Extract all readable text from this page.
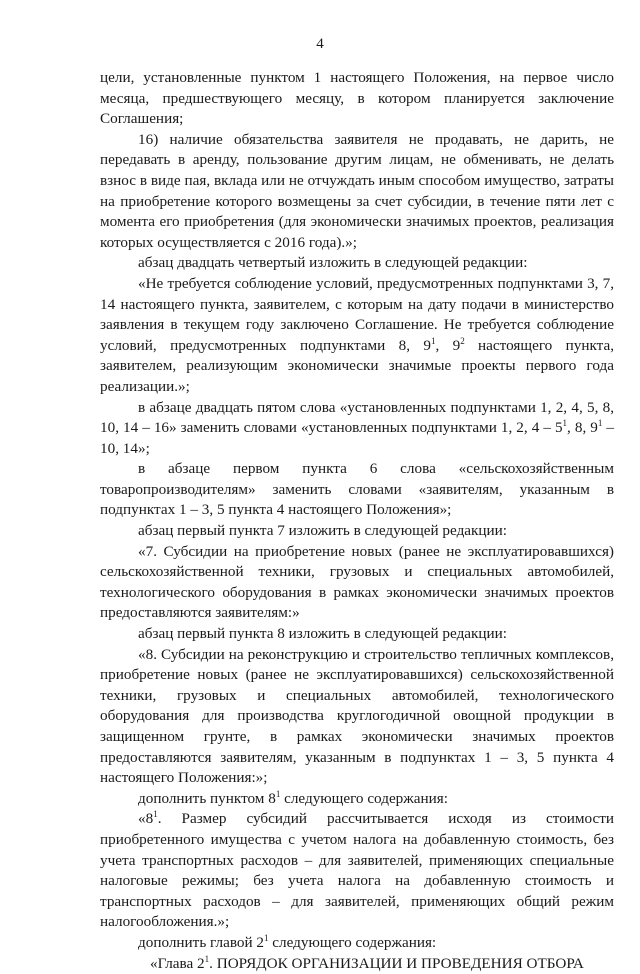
4

цели, установленные пунктом 1 настоящего Положения, на первое число месяца, предшествующего месяцу, в котором планируется заключение Соглашения;

16) наличие обязательства заявителя не продавать, не дарить, не передавать в аренду, пользование другим лицам, не обменивать, не делать взнос в виде пая, вклада или не отчуждать иным способом имущество, затраты на приобретение которого возмещены за счет субсидии, в течение пяти лет с момента его приобретения (для экономически значимых проектов, реализация которых осуществляется с 2016 года).»;

абзац двадцать четвертый изложить в следующей редакции:

«Не требуется соблюдение условий, предусмотренных подпунктами 3, 7, 14 настоящего пункта, заявителем, с которым на дату подачи в министерство заявления в текущем году заключено Соглашение. Не требуется соблюдение условий, предусмотренных подпунктами 8, $9^1$, $9^2$ настоящего пункта, заявителем, реализующим экономически значимые проекты первого года реализации.»;

в абзаце двадцать пятом слова «установленных подпунктами 1, 2, 4, 5, 8, 10, 14 – 16» заменить словами «установленных подпунктами 1, 2, $4 - 5^1$, 8, $9^1 - 10$, 14»;

в абзаце первом пункта 6 слова «сельскохозяйственным товаропроизводителям» заменить словами «заявителям, указанным в подпунктах 1 – 3, 5 пункта 4 настоящего Положения»;

абзац первый пункта 7 изложить в следующей редакции:

«7. Субсидии на приобретение новых (ранее не эксплуатировавшихся) сельскохозяйственной техники, грузовых и специальных автомобилей, технологического оборудования в рамках экономически значимых проектов предоставляются заявителям:»

абзац первый пункта 8 изложить в следующей редакции:

«8. Субсидии на реконструкцию и строительство тепличных комплексов, приобретение новых (ранее не эксплуатировавшихся) сельскохозяйственной техники, грузовых и специальных автомобилей, технологического оборудования для производства круглогодичной овощной продукции в защищенном грунте, в рамках экономически значимых проектов предоставляются заявителям, указанным в подпунктах 1 – 3, 5 пункта 4 настоящего Положения:»;

дополнить пунктом $8^1$ следующего содержания:

«$8^1$. Размер субсидий рассчитывается исходя из стоимости приобретенного имущества с учетом налога на добавленную стоимость, без учета транспортных расходов – для заявителей, применяющих специальные налоговые режимы; без учета налога на добавленную стоимость и транспортных расходов – для заявителей, применяющих общий режим налогообложения.»;

дополнить главой $2^1$ следующего содержания:

«Глава $2^1$. ПОРЯДОК ОРГАНИЗАЦИИ И ПРОВЕДЕНИЯ ОТБОРА
